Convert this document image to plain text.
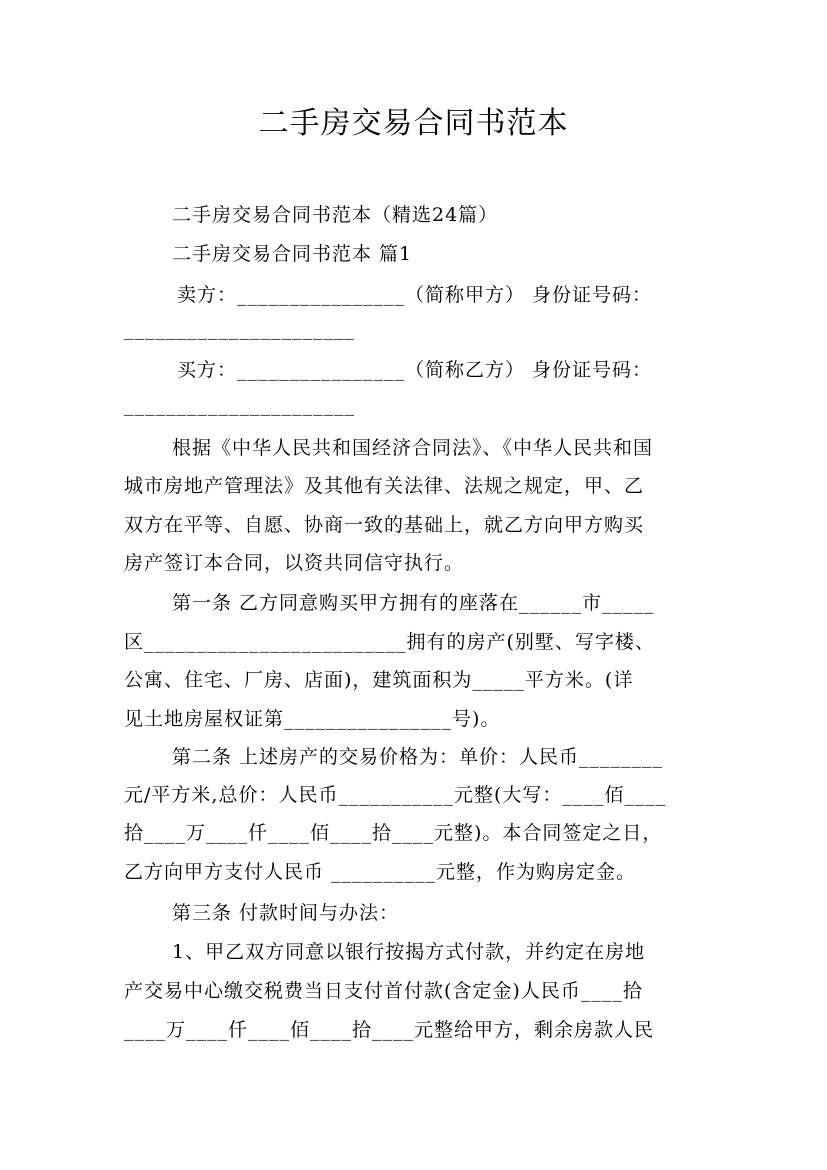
二手房交易合同书范本
二手房交易合同书范本（精选24篇）
二手房交易合同书范本 篇1
卖方：________________（简称甲方） 身份证号码：
______________________
买方：________________（简称乙方） 身份证号码：
______________________
根据《中华人民共和国经济合同法》、《中华人民共和国
城市房地产管理法》及其他有关法律、法规之规定，甲、乙
双方在平等、自愿、协商一致的基础上，就乙方向甲方购买
房产签订本合同，以资共同信守执行。
第一条 乙方同意购买甲方拥有的座落在______市_____
区_________________________拥有的房产(别墅、写字楼、
公寓、住宅、厂房、店面)，建筑面积为_____平方米。(详
见土地房屋权证第________________号)。
第二条 上述房产的交易价格为：单价：人民币________
元/平方米,总价：人民币___________元整(大写：____佰____
拾____万____仟____佰____拾____元整)。本合同签定之日，
乙方向甲方支付人民币 __________元整，作为购房定金。
第三条 付款时间与办法：
1、甲乙双方同意以银行按揭方式付款，并约定在房地
产交易中心缴交税费当日支付首付款(含定金)人民币____拾
____万____仟____佰____拾____元整给甲方，剩余房款人民
